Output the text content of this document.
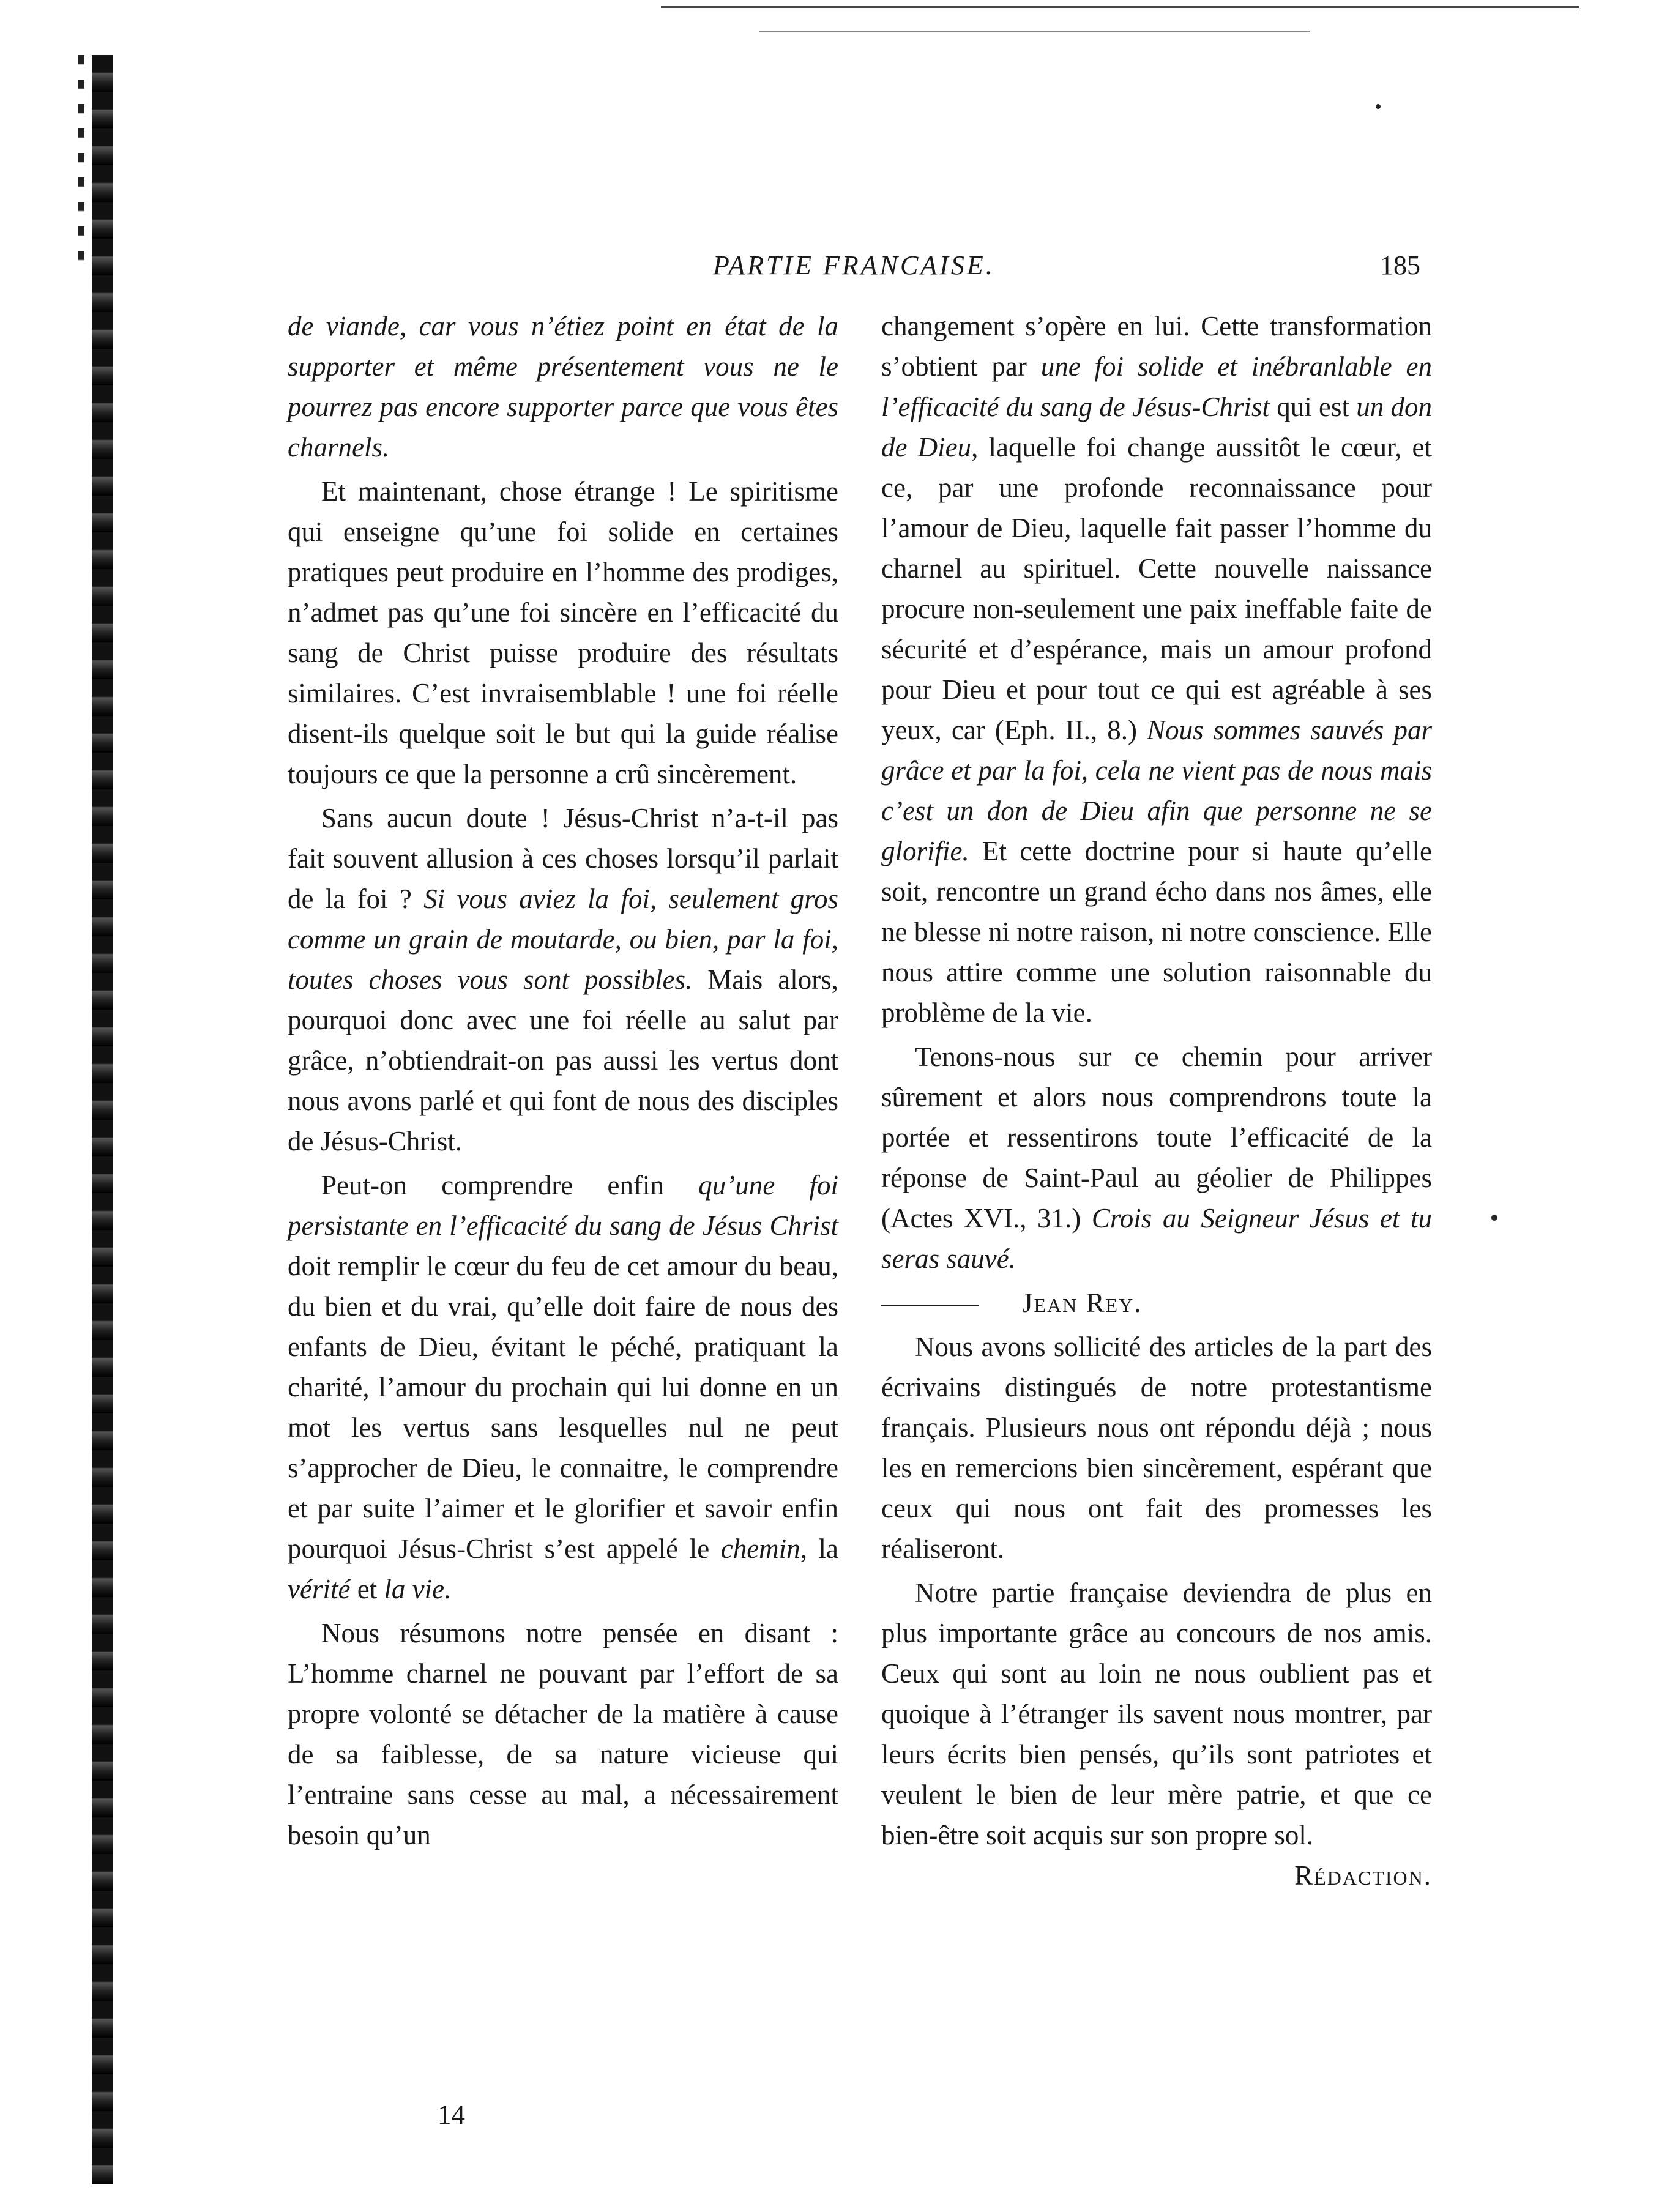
PARTIE FRANCAISE.	185

de viande, car vous n’étiez point en état de la supporter et même présentement vous ne le pourrez pas encore supporter parce que vous êtes charnels.

Et maintenant, chose étrange ! Le spiritisme qui enseigne qu’une foi solide en certaines pratiques peut produire en l’homme des prodiges, n’admet pas qu’une foi sincère en l’efficacité du sang de Christ puisse produire des résultats similaires. C’est invraisemblable ! une foi réelle disent-ils quelque soit le but qui la guide réalise toujours ce que la personne a crû sincèrement.

Sans aucun doute ! Jésus-Christ n’a-t-il pas fait souvent allusion à ces choses lorsqu’il parlait de la foi ? Si vous aviez la foi, seulement gros comme un grain de moutarde, ou bien, par la foi, toutes choses vous sont possibles. Mais alors, pourquoi donc avec une foi réelle au salut par grâce, n’obtiendrait-on pas aussi les vertus dont nous avons parlé et qui font de nous des disciples de Jésus-Christ.

Peut-on comprendre enfin qu’une foi persistante en l’efficacité du sang de Jésus Christ doit remplir le cœur du feu de cet amour du beau, du bien et du vrai, qu’elle doit faire de nous des enfants de Dieu, évitant le péché, pratiquant la charité, l’amour du prochain qui lui donne en un mot les vertus sans lesquelles nul ne peut s’approcher de Dieu, le connaitre, le comprendre et par suite l’aimer et le glorifier et savoir enfin pourquoi Jésus-Christ s’est appelé le chemin, la vérité et la vie.

Nous résumons notre pensée en disant : L’homme charnel ne pouvant par l’effort de sa propre volonté se détacher de la matière à cause de sa faiblesse, de sa nature vicieuse qui l’entraine sans cesse au mal, a nécessairement besoin qu’un

changement s’opère en lui. Cette transformation s’obtient par une foi solide et inébranlable en l’efficacité du sang de Jésus-Christ qui est un don de Dieu, laquelle foi change aussitôt le cœur, et ce, par une profonde reconnaissance pour l’amour de Dieu, laquelle fait passer l’homme du charnel au spirituel. Cette nouvelle naissance procure non-seulement une paix ineffable faite de sécurité et d’espérance, mais un amour profond pour Dieu et pour tout ce qui est agréable à ses yeux, car (Eph. II., 8.) Nous sommes sauvés par grâce et par la foi, cela ne vient pas de nous mais c’est un don de Dieu afin que personne ne se glorifie. Et cette doctrine pour si haute qu’elle soit, rencontre un grand écho dans nos âmes, elle ne blesse ni notre raison, ni notre conscience. Elle nous attire comme une solution raisonnable du problème de la vie.

Tenons-nous sur ce chemin pour arriver sûrement et alors nous comprendrons toute la portée et ressentirons toute l’efficacité de la réponse de Saint-Paul au géolier de Philippes (Actes XVI., 31.) Crois au Seigneur Jésus et tu seras sauvé.

Jean Rey.

Nous avons sollicité des articles de la part des écrivains distingués de notre protestantisme français. Plusieurs nous ont répondu déjà ; nous les en remercions bien sincèrement, espérant que ceux qui nous ont fait des promesses les réaliseront.

Notre partie française deviendra de plus en plus importante grâce au concours de nos amis. Ceux qui sont au loin ne nous oublient pas et quoique à l’étranger ils savent nous montrer, par leurs écrits bien pensés, qu’ils sont patriotes et veulent le bien de leur mère patrie, et que ce bien-être soit acquis sur son propre sol.
Rédaction.

14
